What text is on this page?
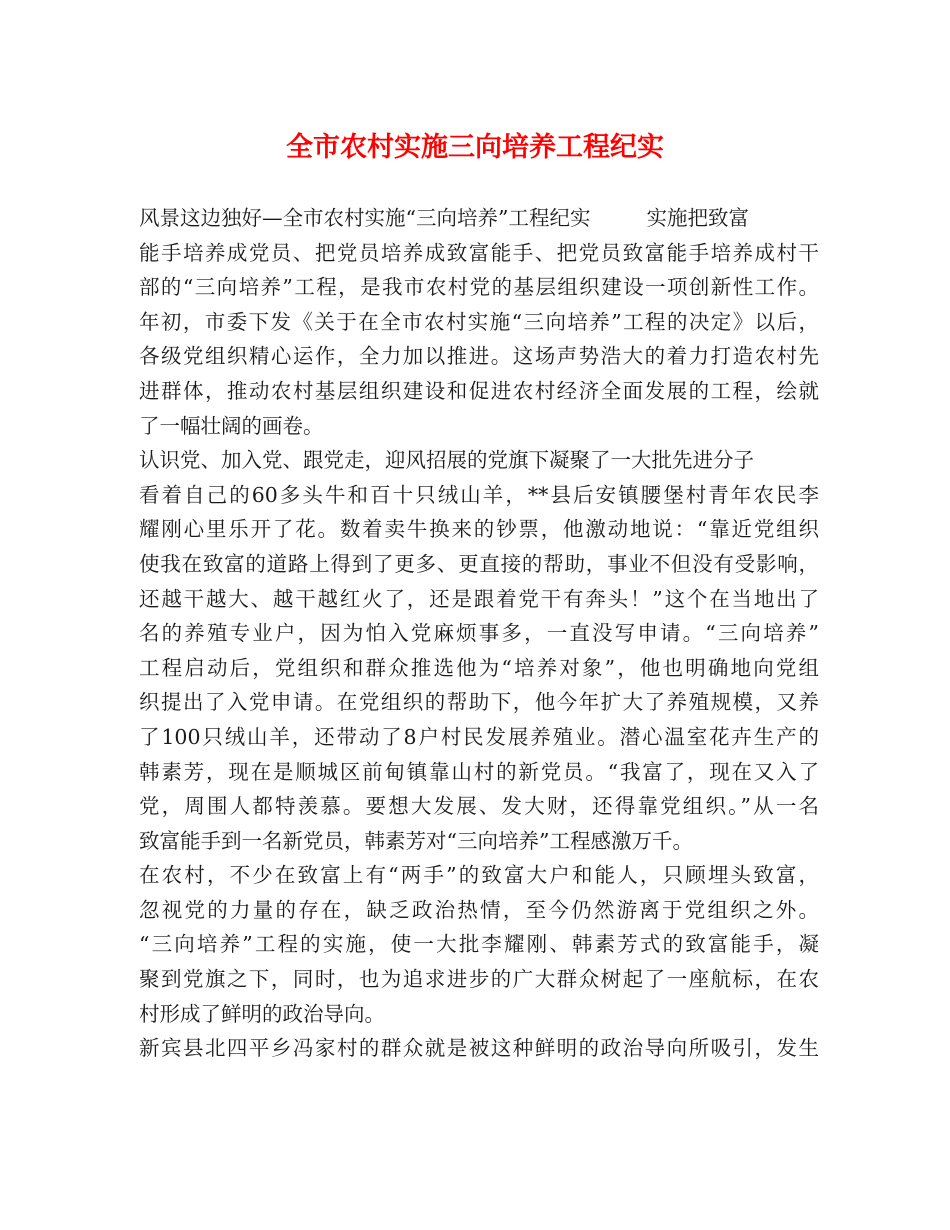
全市农村实施三向培养工程纪实
风景这边独好—全市农村实施“三向培养”工程纪实	实施把致富
能手培养成党员、把党员培养成致富能手、把党员致富能手培养成村干
部的“三向培养”工程，是我市农村党的基层组织建设一项创新性工作。
年初，市委下发《关于在全市农村实施“三向培养”工程的决定》以后，
各级党组织精心运作，全力加以推进。这场声势浩大的着力打造农村先
进群体，推动农村基层组织建设和促进农村经济全面发展的工程，绘就
了一幅壮阔的画卷。
认识党、加入党、跟党走，迎风招展的党旗下凝聚了一大批先进分子
看着自己的60多头牛和百十只绒山羊，**县后安镇腰堡村青年农民李
耀刚心里乐开了花。数着卖牛换来的钞票，他激动地说：“靠近党组织
使我在致富的道路上得到了更多、更直接的帮助，事业不但没有受影响，
还越干越大、越干越红火了，还是跟着党干有奔头！”这个在当地出了
名的养殖专业户，因为怕入党麻烦事多，一直没写申请。“三向培养”
工程启动后，党组织和群众推选他为“培养对象”，他也明确地向党组
织提出了入党申请。在党组织的帮助下，他今年扩大了养殖规模，又养
了100只绒山羊，还带动了8户村民发展养殖业。潜心温室花卉生产的
韩素芳，现在是顺城区前甸镇靠山村的新党员。“我富了，现在又入了
党，周围人都特羡慕。要想大发展、发大财，还得靠党组织。”从一名
致富能手到一名新党员，韩素芳对“三向培养”工程感激万千。
在农村，不少在致富上有“两手”的致富大户和能人，只顾埋头致富，
忽视党的力量的存在，缺乏政治热情，至今仍然游离于党组织之外。
“三向培养”工程的实施，使一大批李耀刚、韩素芳式的致富能手，凝
聚到党旗之下，同时，也为追求进步的广大群众树起了一座航标，在农
村形成了鲜明的政治导向。
新宾县北四平乡冯家村的群众就是被这种鲜明的政治导向所吸引，发生
